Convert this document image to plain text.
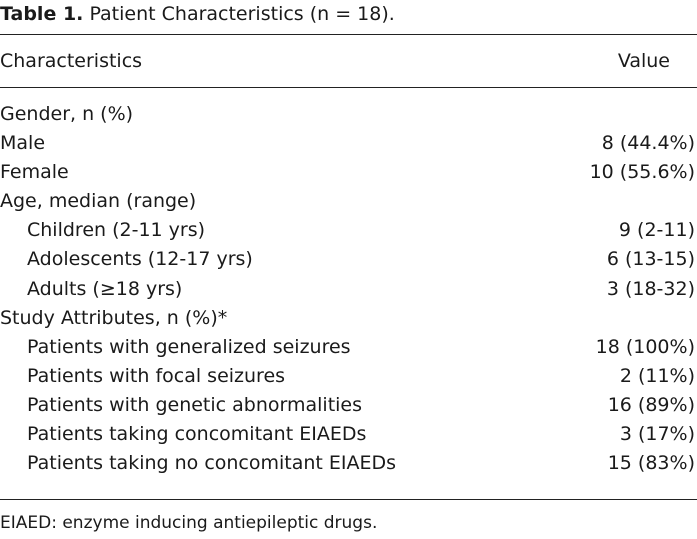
Table 1. Patient Characteristics (n = 18).
Characteristics	Value
Gender, n (%)
Male	8 (44.4%)
Female	10 (55.6%)
Age, median (range)
Children (2-11 yrs)	9 (2-11)
Adolescents (12-17 yrs)	6 (13-15)
Adults (≥18 yrs)	3 (18-32)
Study Attributes, n (%)*
Patients with generalized seizures	18 (100%)
Patients with focal seizures	2 (11%)
Patients with genetic abnormalities	16 (89%)
Patients taking concomitant EIAEDs	3 (17%)
Patients taking no concomitant EIAEDs	15 (83%)
EIAED: enzyme inducing antiepileptic drugs.
